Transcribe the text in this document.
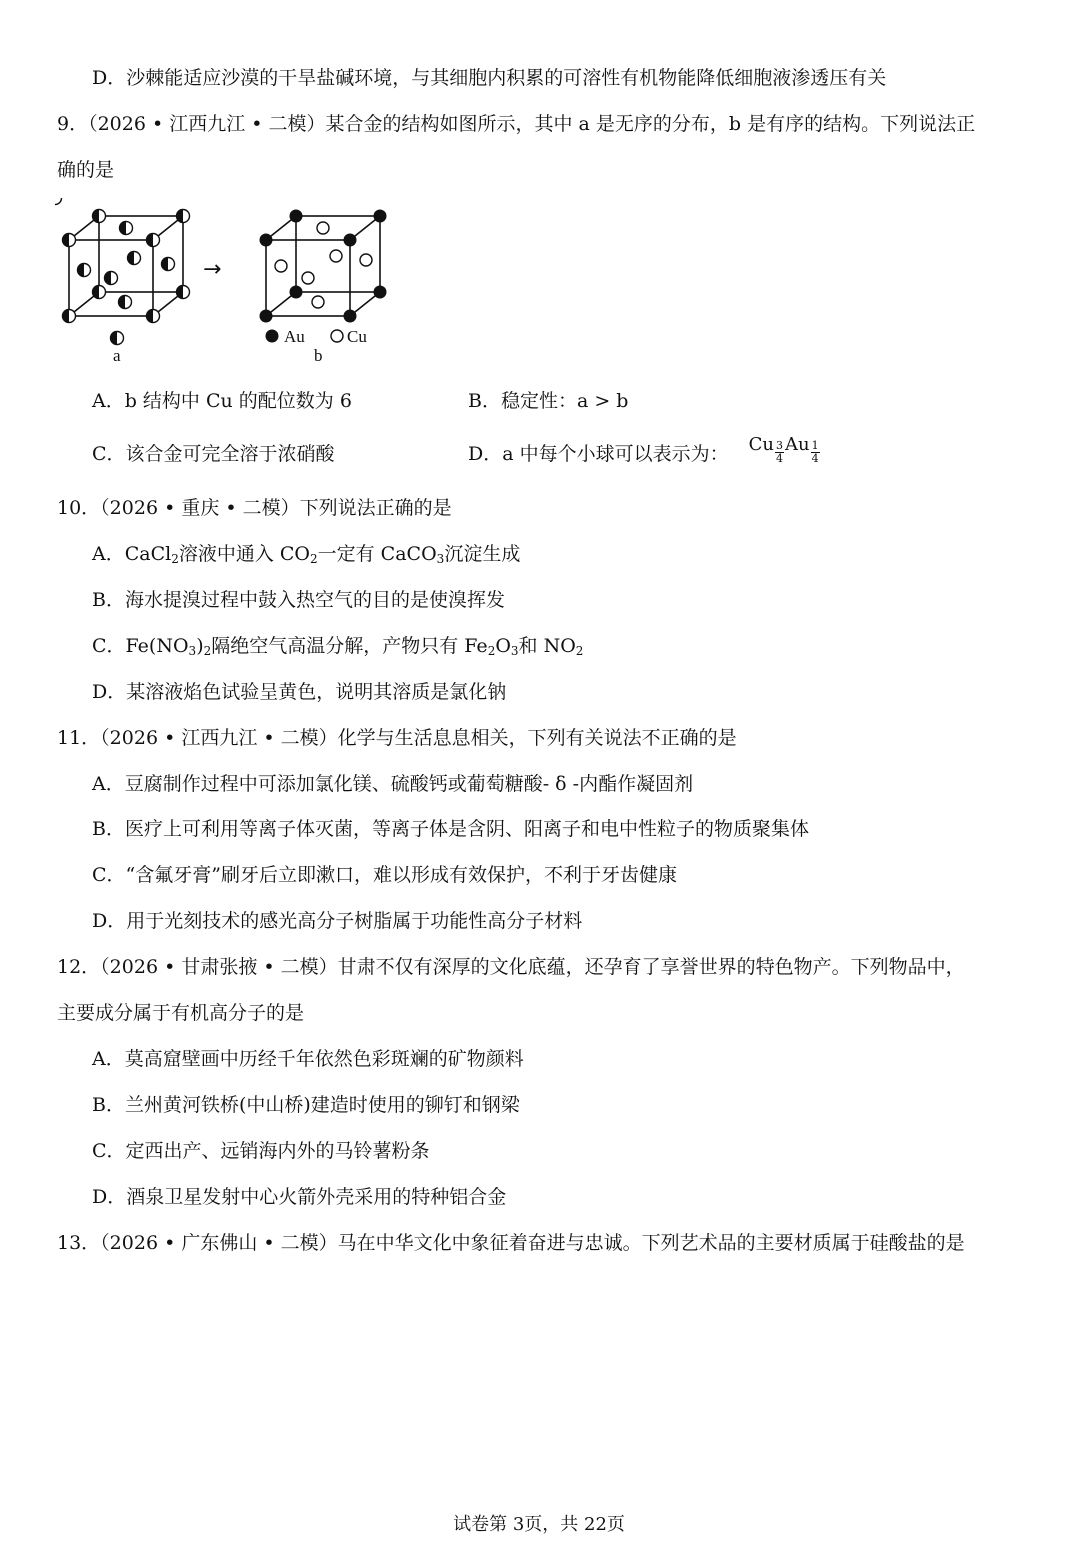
D．沙棘能适应沙漠的干旱盐碱环境，与其细胞内积累的可溶性有机物能降低细胞液渗透压有关
9．（2026 • 江西九江 • 二模）某合金的结构如图所示，其中 a 是无序的分布，b 是有序的结构。下列说法正
确的是
a
→
Au Cu
b
A．b 结构中 Cu 的配位数为 6	B．稳定性：a > b
C．该合金可完全溶于浓硝酸	D．a 中每个小球可以表示为： Cu $\frac{3}{4}$ Au $\frac{1}{4}$
10．（2026 • 重庆 • 二模）下列说法正确的是
A．CaCl$_2$溶液中通入 $CO_2$一定有 CaCO$_3$沉淀生成
B．海水提溴过程中鼓入热空气的目的是使溴挥发
C．$Fe(NO_3)_2$隔绝空气高温分解，产物只有 $Fe_2O_3$和 $NO_2$
D．某溶液焰色试验呈黄色，说明其溶质是氯化钠
11．（2026 • 江西九江 • 二模）化学与生活息息相关，下列有关说法不正确的是
A．豆腐制作过程中可添加氯化镁、硫酸钙或葡萄糖酸- δ -内酯作凝固剂
B．医疗上可利用等离子体灭菌，等离子体是含阴、阳离子和电中性粒子的物质聚集体
C．“含氟牙膏”刷牙后立即漱口，难以形成有效保护，不利于牙齿健康
D．用于光刻技术的感光高分子树脂属于功能性高分子材料
12．（2026 • 甘肃张掖 • 二模）甘肃不仅有深厚的文化底蕴，还孕育了享誉世界的特色物产。下列物品中，
主要成分属于有机高分子的是
A．莫高窟壁画中历经千年依然色彩斑斓的矿物颜料
B．兰州黄河铁桥(中山桥)建造时使用的铆钉和钢梁
C．定西出产、远销海内外的马铃薯粉条
D．酒泉卫星发射中心火箭外壳采用的特种铝合金
13．（2026 • 广东佛山 • 二模）马在中华文化中象征着奋进与忠诚。下列艺术品的主要材质属于硅酸盐的是
试卷第 3页，共 22页
